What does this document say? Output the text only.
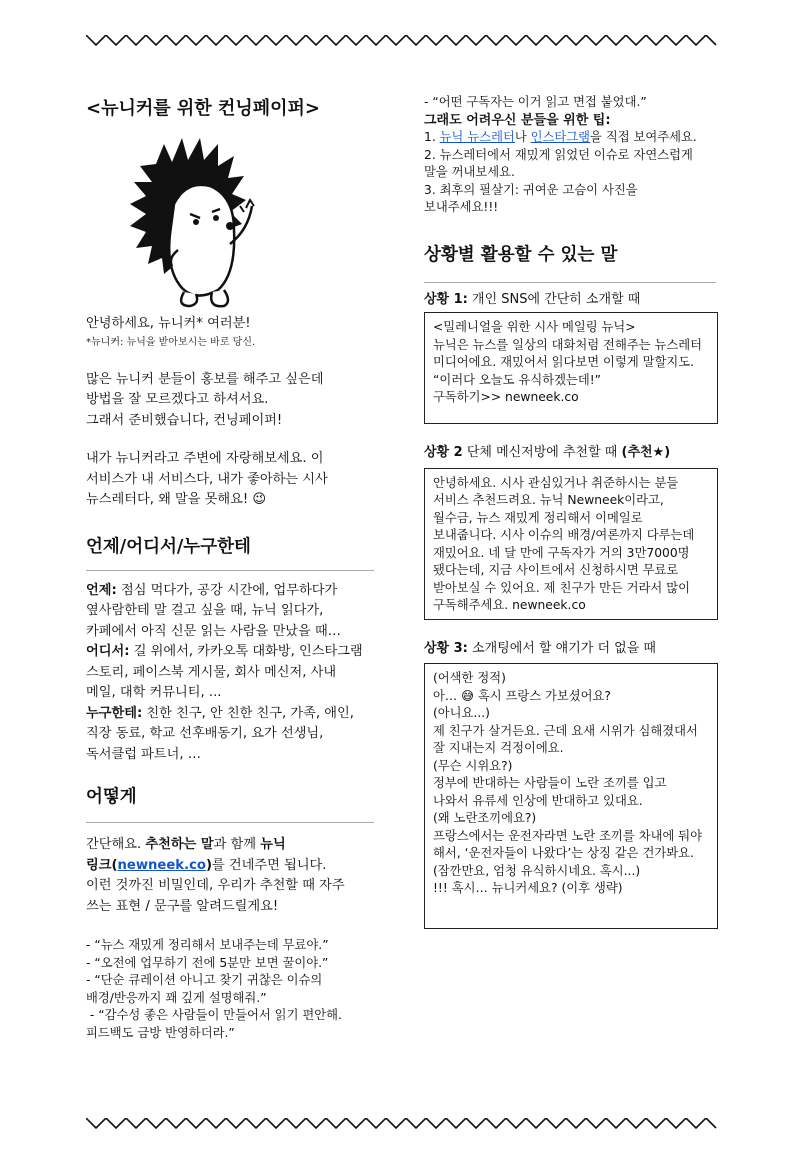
<뉴니커를 위한 컨닝페이퍼>

안녕하세요, 뉴니커* 여러분!

*뉴니커: 뉴닉을 받아보시는 바로 당신.

많은 뉴니커 분들이 홍보를 해주고 싶은데

방법을 잘 모르겠다고 하셔서요.

그래서 준비했습니다, 컨닝페이퍼!

내가 뉴니커라고 주변에 자랑해보세요. 이

서비스가 내 서비스다, 내가 좋아하는 시사

뉴스레터다, 왜 말을 못해요! 😉

언제/어디서/누구한테

언제: 점심 먹다가, 공강 시간에, 업무하다가

옆사람한테 말 걸고 싶을 때, 뉴닉 읽다가,

카페에서 아직 신문 읽는 사람을 만났을 때…

어디서: 길 위에서, 카카오톡 대화방, 인스타그램

스토리, 페이스북 게시물, 회사 메신저, 사내

메일, 대학 커뮤니티, ...

누구한테: 친한 친구, 안 친한 친구, 가족, 애인,

직장 동료, 학교 선후배동기, 요가 선생님,

독서클럽 파트너, …

어떻게

간단해요. 추천하는 말과 함께 뉴닉

링크(newneek.co)를 건네주면 됩니다.

이런 것까진 비밀인데, 우리가 추천할 때 자주

쓰는 표현 / 문구를 알려드릴게요!

- “뉴스 재밌게 정리해서 보내주는데 무료야.”

- “오전에 업무하기 전에 5분만 보면 꿀이야.”

- “단순 큐레이션 아니고 찾기 귀찮은 이슈의

배경/반응까지 꽤 깊게 설명해줘.”

- “감수성 좋은 사람들이 만들어서 읽기 편안해.

피드백도 금방 반영하더라.”

- “어떤 구독자는 이거 읽고 면접 붙었대.”

그래도 어려우신 분들을 위한 팁:

1. 뉴닉 뉴스레터나 인스타그램을 직접 보여주세요.

2. 뉴스레터에서 재밌게 읽었던 이슈로 자연스럽게

말을 꺼내보세요.

3. 최후의 필살기: 귀여운 고슴이 사진을

보내주세요!!!

상황별 활용할 수 있는 말

상황 1: 개인 SNS에 간단히 소개할 때

<밀레니얼을 위한 시사 메일링 뉴닉>
뉴닉은 뉴스를 일상의 대화처럼 전해주는 뉴스레터
미디어에요. 재밌어서 읽다보면 이렇게 말할지도.
“이러다 오늘도 유식하겠는데!”
구독하기>> newneek.co

상황 2 단체 메신저방에 추천할 때 (추천★)

안녕하세요. 시사 관심있거나 취준하시는 분들
서비스 추천드려요. 뉴닉 Newneek이라고,
월수금, 뉴스 재밌게 정리해서 이메일로
보내줍니다. 시사 이슈의 배경/여론까지 다루는데
재밌어요. 네 달 만에 구독자가 거의 3만7000명
됐다는데, 지금 사이트에서 신청하시면 무료로
받아보실 수 있어요. 제 친구가 만든 거라서 많이
구독해주세요. newneek.co

상황 3: 소개팅에서 할 얘기가 더 없을 때

(어색한 정적)
아… 😅 혹시 프랑스 가보셨어요?
(아니요...)
제 친구가 살거든요. 근데 요새 시위가 심해졌대서
잘 지내는지 걱정이에요.
(무슨 시위요?)
정부에 반대하는 사람들이 노란 조끼를 입고
나와서 유류세 인상에 반대하고 있대요.
(왜 노란조끼에요?)
프랑스에서는 운전자라면 노란 조끼를 차내에 둬야
해서, ‘운전자들이 나왔다’는 상징 같은 건가봐요.
(잠깐만요, 엄청 유식하시네요. 혹시...)
!!! 혹시… 뉴니커세요? (이후 생략)
